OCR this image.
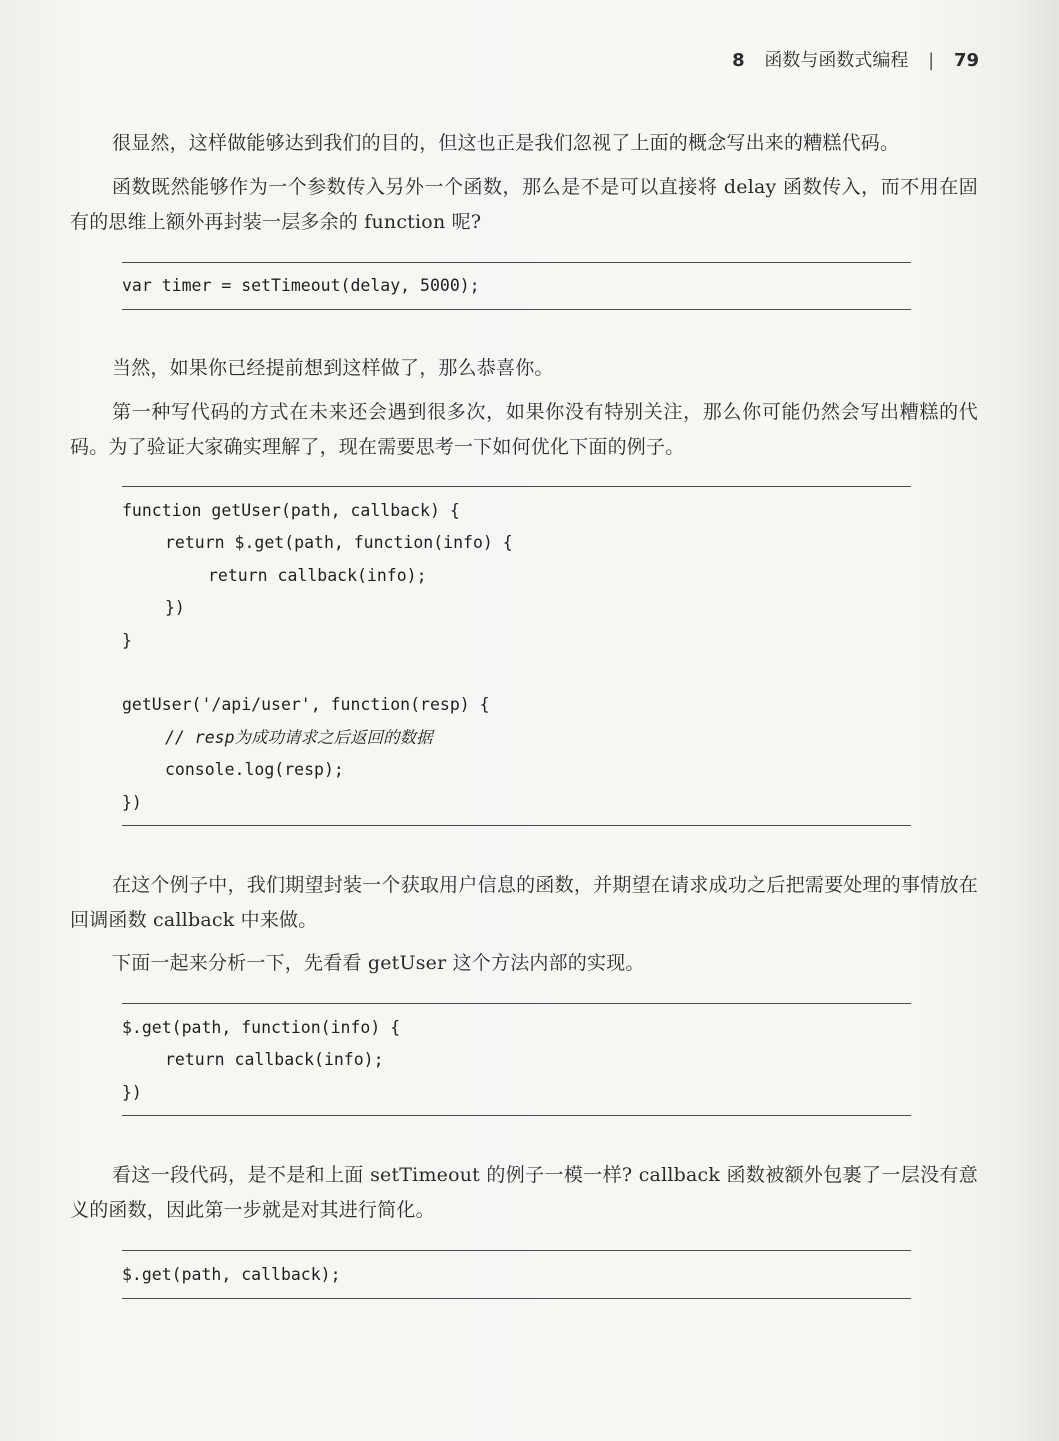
8 函数与函数式编程 | 79
很显然，这样做能够达到我们的目的，但这也正是我们忽视了上面的概念写出来的糟糕代码。
函数既然能够作为一个参数传入另外一个函数，那么是不是可以直接将 delay 函数传入，而不用在固有的思维上额外再封装一层多余的 function 呢?
var timer = setTimeout(delay, 5000);
当然，如果你已经提前想到这样做了，那么恭喜你。
第一种写代码的方式在未来还会遇到很多次，如果你没有特别关注，那么你可能仍然会写出糟糕的代码。为了验证大家确实理解了，现在需要思考一下如何优化下面的例子。
function getUser(path, callback) {
return $.get(path, function(info) {
return callback(info);
})
}
getUser('/api/user', function(resp) {
// resp为成功请求之后返回的数据
console.log(resp);
})
在这个例子中，我们期望封装一个获取用户信息的函数，并期望在请求成功之后把需要处理的事情放在回调函数 callback 中来做。
下面一起来分析一下，先看看 getUser 这个方法内部的实现。
$.get(path, function(info) {
return callback(info);
})
看这一段代码，是不是和上面 setTimeout 的例子一模一样? callback 函数被额外包裹了一层没有意义的函数，因此第一步就是对其进行简化。
$.get(path, callback);
